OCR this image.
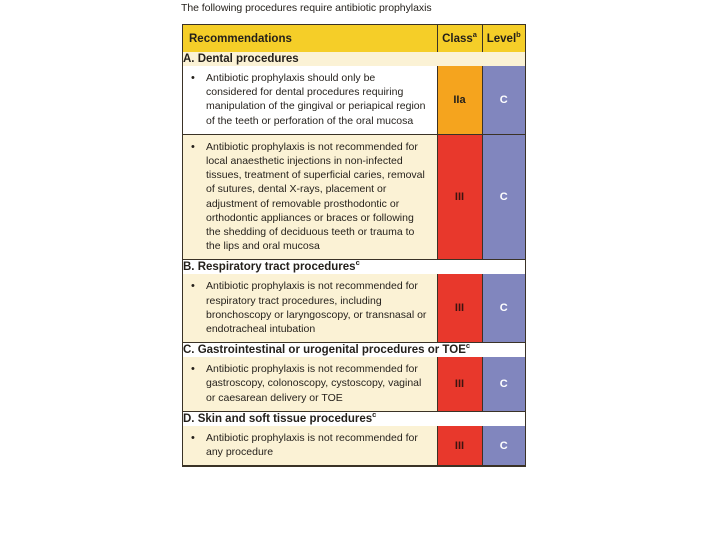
The following procedures require antibiotic prophylaxis
Recommendations	Class$^a$	Level$^b$
A. Dental procedures		

• Antibiotic prophylaxis should only be considered for dental procedures requiring manipulation of the gingival or periapical region of the teeth or perforation of the oral mucosa	IIa	C

• Antibiotic prophylaxis is not recommended for local anaesthetic injections in non-infected tissues, treatment of superficial caries, removal of sutures, dental X-rays, placement or adjustment of removable prosthodontic or orthodontic appliances or braces or following the shedding of deciduous teeth or trauma to the lips and oral mucosa	III	C
B. Respiratory tract procedures$^c$

• Antibiotic prophylaxis is not recommended for respiratory tract procedures, including bronchoscopy or laryngoscopy, or transnasal or endotracheal intubation	III	C
C. Gastrointestinal or urogenital procedures or TOE$^c$

• Antibiotic prophylaxis is not recommended for gastroscopy, colonoscopy, cystoscopy, vaginal or caesarean delivery or TOE	III	C
D. Skin and soft tissue procedures$^c$

• Antibiotic prophylaxis is not recommended for any procedure	III	C
